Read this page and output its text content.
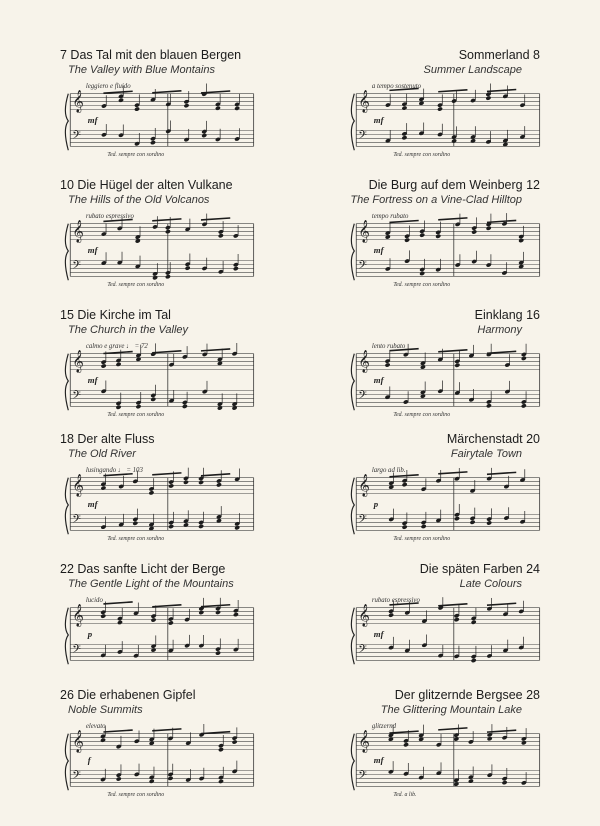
7 Das Tal mit den blauen Bergen
The Valley with Blue Montains
𝄞
𝄢
leggiero e fluido
mf
Ted. sempre con sordino
Sommerland 8
Summer Landscape
𝄞
𝄢
a tempo sostenuto
mf
Ted. sempre con sordino
10 Die Hügel der alten Vulkane
The Hills of the Old Volcanos
𝄞
𝄢
rubato espressivo
mf
Ted. sempre con sordino
Die Burg auf dem Weinberg 12
The Fortress on a Vine-Clad Hilltop
𝄞
𝄢
tempo rubato
mf
Ted. sempre con sordino
15 Die Kirche im Tal
The Church in the Valley
𝄞
𝄢
calmo e grave ♩ = 72
mf
Ted. sempre con sordino
Einklang 16
Harmony
𝄞
𝄢
lento rubato
mf
Ted. sempre con sordino
18 Der alte Fluss
The Old River
𝄞
𝄢
lusingando ♩ = 103
mf
Ted. sempre con sordino
Märchenstadt 20
Fairytale Town
𝄞
𝄢
largo ad lib.
p
Ted. sempre con sordino
22 Das sanfte Licht der Berge
The Gentle Light of the Mountains
𝄞
𝄢
lucido
p
Die späten Farben 24
Late Colours
𝄞
𝄢
rubato espressivo
mf
26 Die erhabenen Gipfel
Noble Summits
𝄞
𝄢
elevato
f
Ted. sempre con sordino
Der glitzernde Bergsee 28
The Glittering Mountain Lake
𝄞
𝄢
glitzernd
mf
Ted. a lib.
